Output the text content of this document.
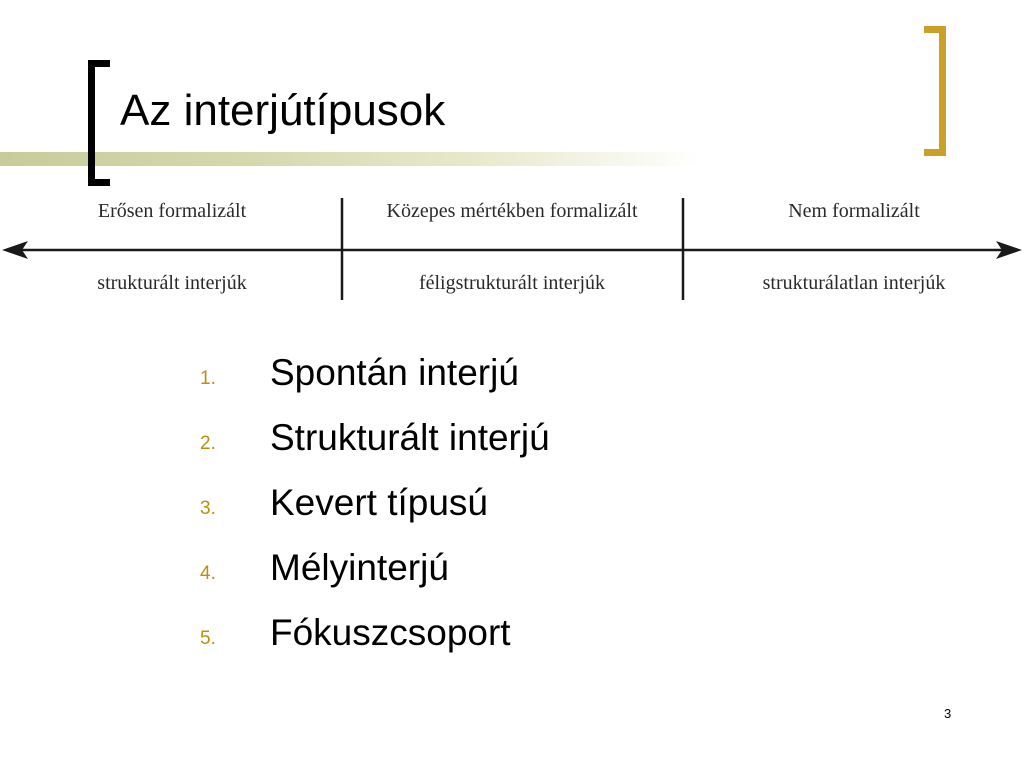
Az interjútípusok
Erősen formalizált	Közepes mértékben formalizált	Nem formalizált
strukturált interjúk	féligstrukturált interjúk	strukturálatlan interjúk
1. Spontán interjú
2. Strukturált interjú
3. Kevert típusú
4. Mélyinterjú
5. Fókuszcsoport
3
